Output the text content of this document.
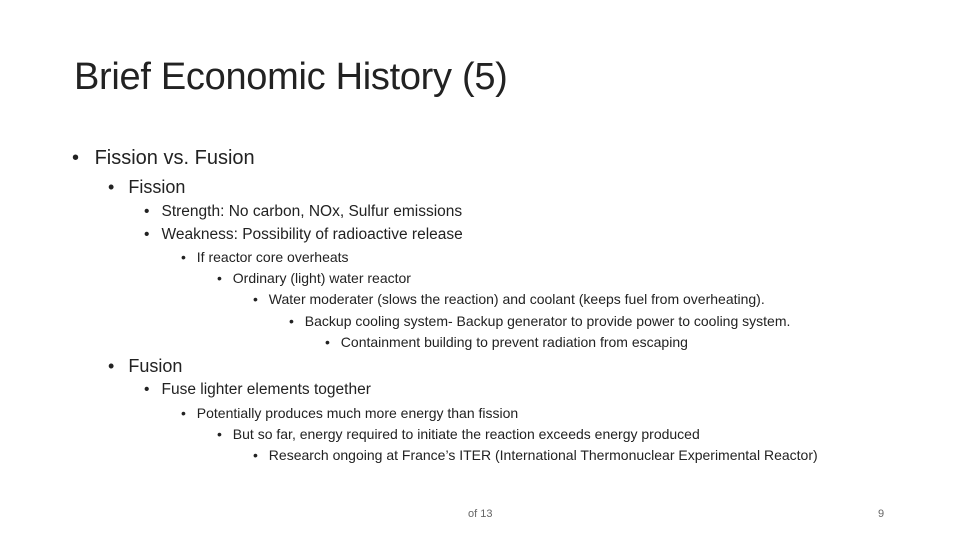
Brief Economic History (5)
• Fission vs. Fusion
• Fission
• Strength: No carbon, NOx, Sulfur emissions
• Weakness: Possibility of radioactive release
• If reactor core overheats
• Ordinary (light) water reactor
• Water moderater (slows the reaction) and coolant (keeps fuel from overheating).
• Backup cooling system- Backup generator to provide power to cooling system.
• Containment building to prevent radiation from escaping
• Fusion
• Fuse lighter elements together
• Potentially produces much more energy than fission
• But so far, energy required to initiate the reaction exceeds energy produced
• Research ongoing at France’s ITER (International Thermonuclear Experimental Reactor)
of 13	9
